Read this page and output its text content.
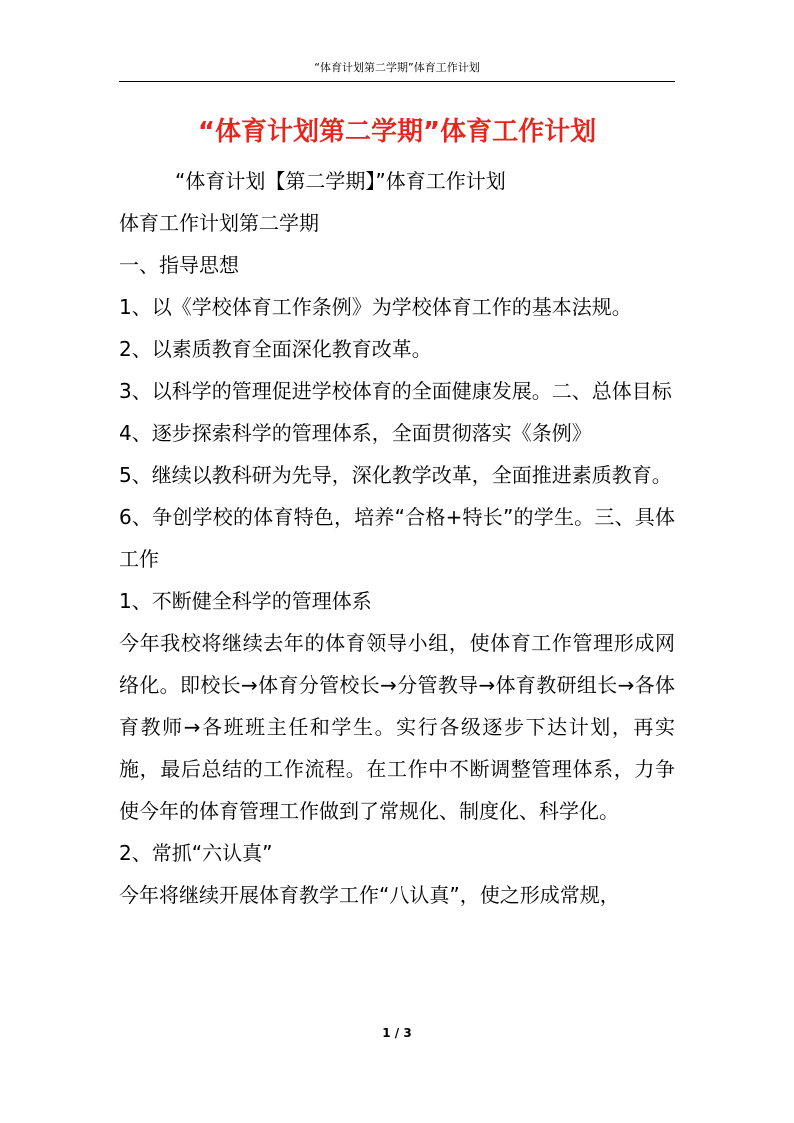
“体育计划第二学期”体育工作计划
“体育计划第二学期”体育工作计划

“体育计划【第二学期】”体育工作计划

体育工作计划第二学期

一、指导思想

1、以《学校体育工作条例》为学校体育工作的基本法规。

2、以素质教育全面深化教育改革。

3、以科学的管理促进学校体育的全面健康发展。二、总体目标

4、逐步探索科学的管理体系，全面贯彻落实《条例》

5、继续以教科研为先导，深化教学改革，全面推进素质教育。

6、争创学校的体育特色，培养“合格+特长”的学生。三、具体工作

1、不断健全科学的管理体系

今年我校将继续去年的体育领导小组，使体育工作管理形成网络化。即校长→体育分管校长→分管教导→体育教研组长→各体育教师→各班班主任和学生。实行各级逐步下达计划，再实施，最后总结的工作流程。在工作中不断调整管理体系，力争使今年的体育管理工作做到了常规化、制度化、科学化。

2、常抓“六认真”

今年将继续开展体育教学工作“八认真”，使之形成常规，

1 / 3
